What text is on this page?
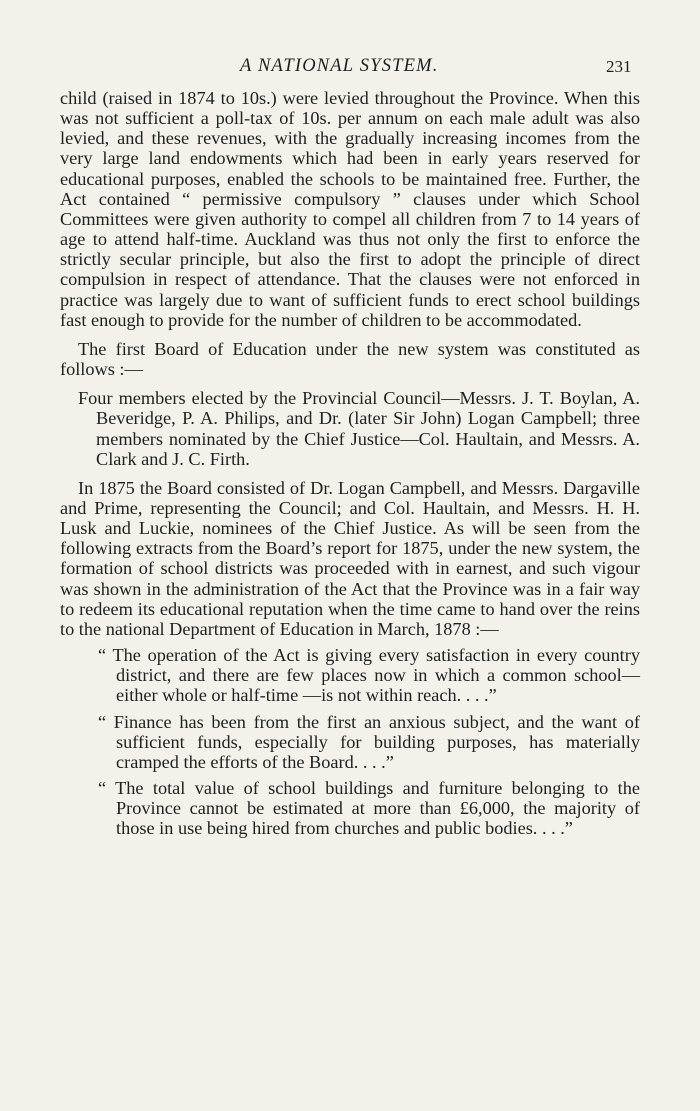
A NATIONAL SYSTEM.	231

child (raised in 1874 to 10s.) were levied throughout the Province. When this was not sufficient a poll-tax of 10s. per annum on each male adult was also levied, and these revenues, with the gradually increasing incomes from the very large land endowments which had been in early years reserved for educational purposes, enabled the schools to be maintained free. Further, the Act contained “ permissive compulsory ” clauses under which School Committees were given authority to compel all children from 7 to 14 years of age to attend half-time. Auckland was thus not only the first to enforce the strictly secular principle, but also the first to adopt the principle of direct compulsion in respect of attendance. That the clauses were not enforced in practice was largely due to want of sufficient funds to erect school buildings fast enough to provide for the number of children to be accommodated.

The first Board of Education under the new system was constituted as follows :—

Four members elected by the Provincial Council—Messrs. J. T. Boylan, A. Beveridge, P. A. Philips, and Dr. (later Sir John) Logan Campbell; three members nominated by the Chief Justice—Col. Haultain, and Messrs. A. Clark and J. C. Firth.

In 1875 the Board consisted of Dr. Logan Campbell, and Messrs. Dargaville and Prime, representing the Council; and Col. Haultain, and Messrs. H. H. Lusk and Luckie, nominees of the Chief Justice. As will be seen from the following extracts from the Board’s report for 1875, under the new system, the formation of school districts was proceeded with in earnest, and such vigour was shown in the administration of the Act that the Province was in a fair way to redeem its educational reputation when the time came to hand over the reins to the national Department of Education in March, 1878 :—

“ The operation of the Act is giving every satisfaction in every country district, and there are few places now in which a common school—either whole or half-time —is not within reach. . . .”

“ Finance has been from the first an anxious subject, and the want of sufficient funds, especially for building purposes, has materially cramped the efforts of the Board. . . .”

“ The total value of school buildings and furniture belonging to the Province cannot be estimated at more than £6,000, the majority of those in use being hired from churches and public bodies. . . .”
